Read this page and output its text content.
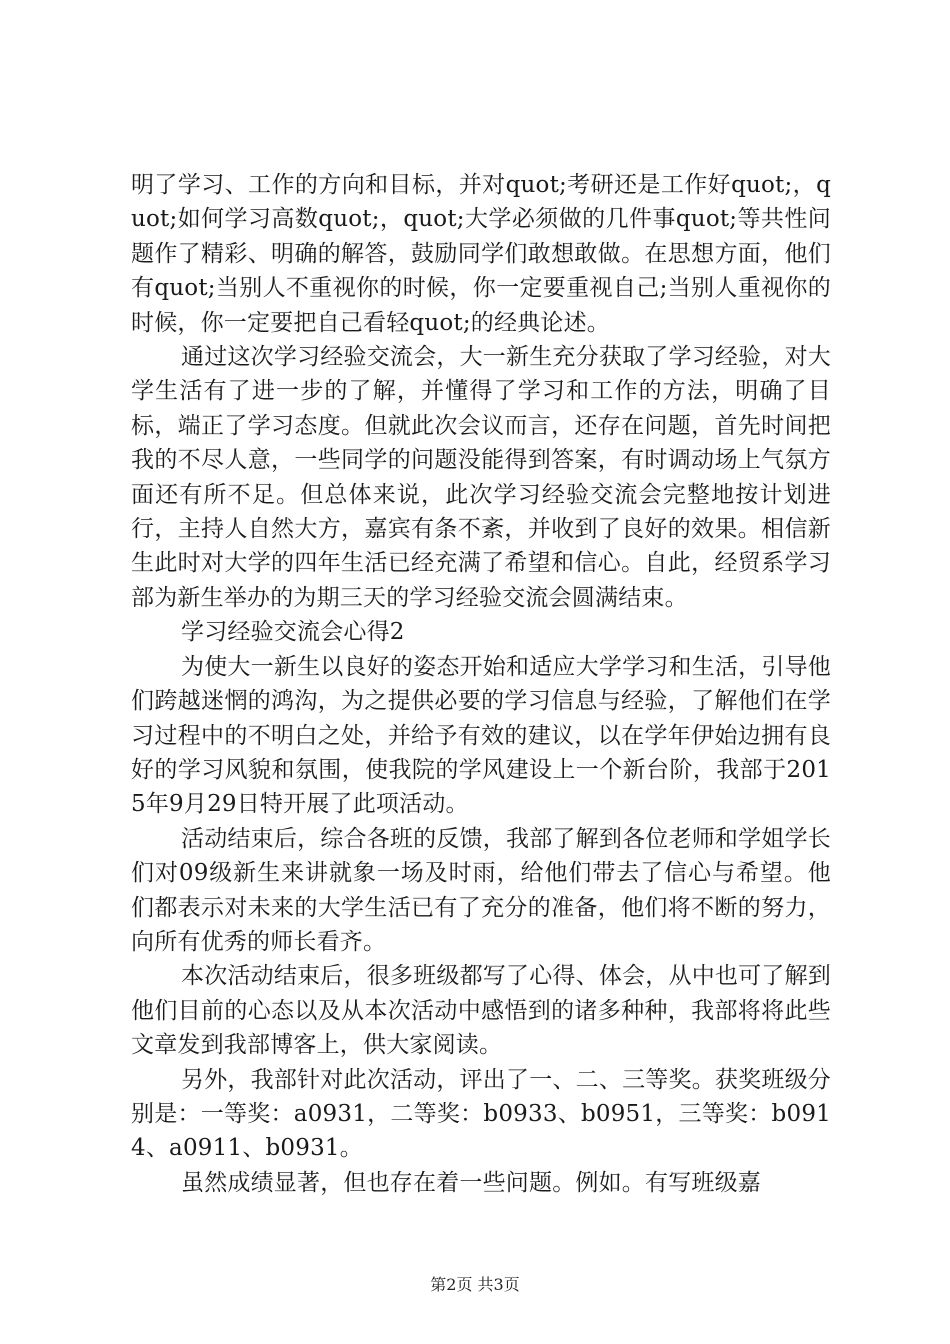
明了学习、工作的方向和目标，并对quot;考研还是工作好quot;，quot;如何学习高数quot;，quot;大学必须做的几件事quot;等共性问题作了精彩、明确的解答，鼓励同学们敢想敢做。在思想方面，他们有quot;当别人不重视你的时候，你一定要重视自己;当别人重视你的时候，你一定要把自己看轻quot;的经典论述。

通过这次学习经验交流会，大一新生充分获取了学习经验，对大学生活有了进一步的了解，并懂得了学习和工作的方法，明确了目标，端正了学习态度。但就此次会议而言，还存在问题，首先时间把我的不尽人意，一些同学的问题没能得到答案，有时调动场上气氛方面还有所不足。但总体来说，此次学习经验交流会完整地按计划进行，主持人自然大方，嘉宾有条不紊，并收到了良好的效果。相信新生此时对大学的四年生活已经充满了希望和信心。自此，经贸系学习部为新生举办的为期三天的学习经验交流会圆满结束。

学习经验交流会心得2

为使大一新生以良好的姿态开始和适应大学学习和生活，引导他们跨越迷惘的鸿沟，为之提供必要的学习信息与经验，了解他们在学习过程中的不明白之处，并给予有效的建议，以在学年伊始边拥有良好的学习风貌和氛围，使我院的学风建设上一个新台阶，我部于2015年9月29日特开展了此项活动。

活动结束后，综合各班的反馈，我部了解到各位老师和学姐学长们对09级新生来讲就象一场及时雨，给他们带去了信心与希望。他们都表示对未来的大学生活已有了充分的准备，他们将不断的努力，向所有优秀的师长看齐。

本次活动结束后，很多班级都写了心得、体会，从中也可了解到他们目前的心态以及从本次活动中感悟到的诸多种种，我部将将此些文章发到我部博客上，供大家阅读。

另外，我部针对此次活动，评出了一、二、三等奖。获奖班级分别是：一等奖：a0931，二等奖：b0933、b0951，三等奖：b0914、a0911、b0931。

虽然成绩显著，但也存在着一些问题。例如。有写班级嘉

第2页 共3页
